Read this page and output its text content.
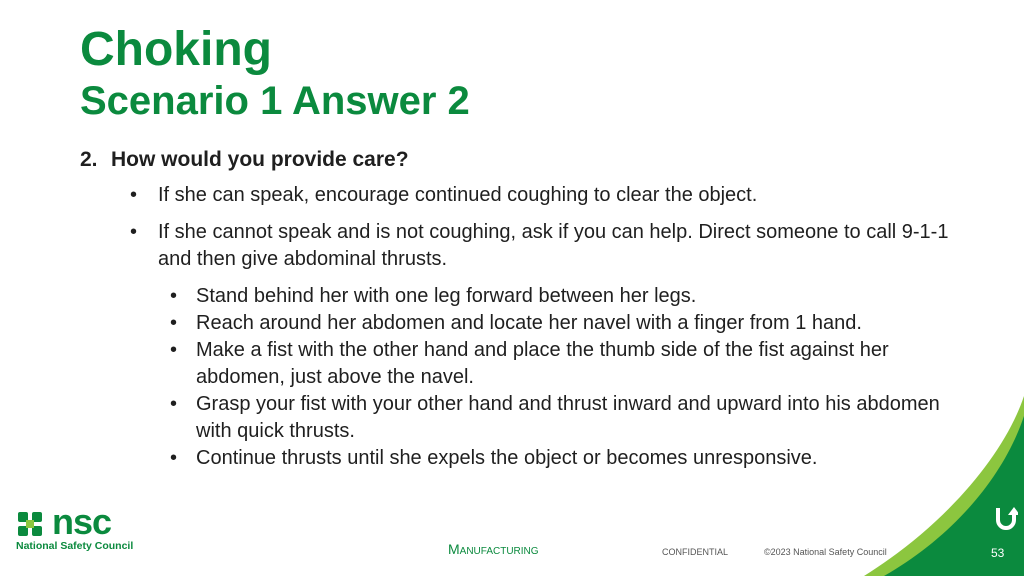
Choking
Scenario 1 Answer 2
2. How would you provide care?
• If she can speak, encourage continued coughing to clear the object.
• If she cannot speak and is not coughing, ask if you can help. Direct someone to call 9-1-1 and then give abdominal thrusts.
• Stand behind her with one leg forward between her legs.
• Reach around her abdomen and locate her navel with a finger from 1 hand.
• Make a fist with the other hand and place the thumb side of the fist against her abdomen, just above the navel.
• Grasp your fist with your other hand and thrust inward and upward into his abdomen with quick thrusts.
• Continue thrusts until she expels the object or becomes unresponsive.
nsc
National Safety Council	Manufacturing	CONFIDENTIAL	©2023 National Safety Council	53
